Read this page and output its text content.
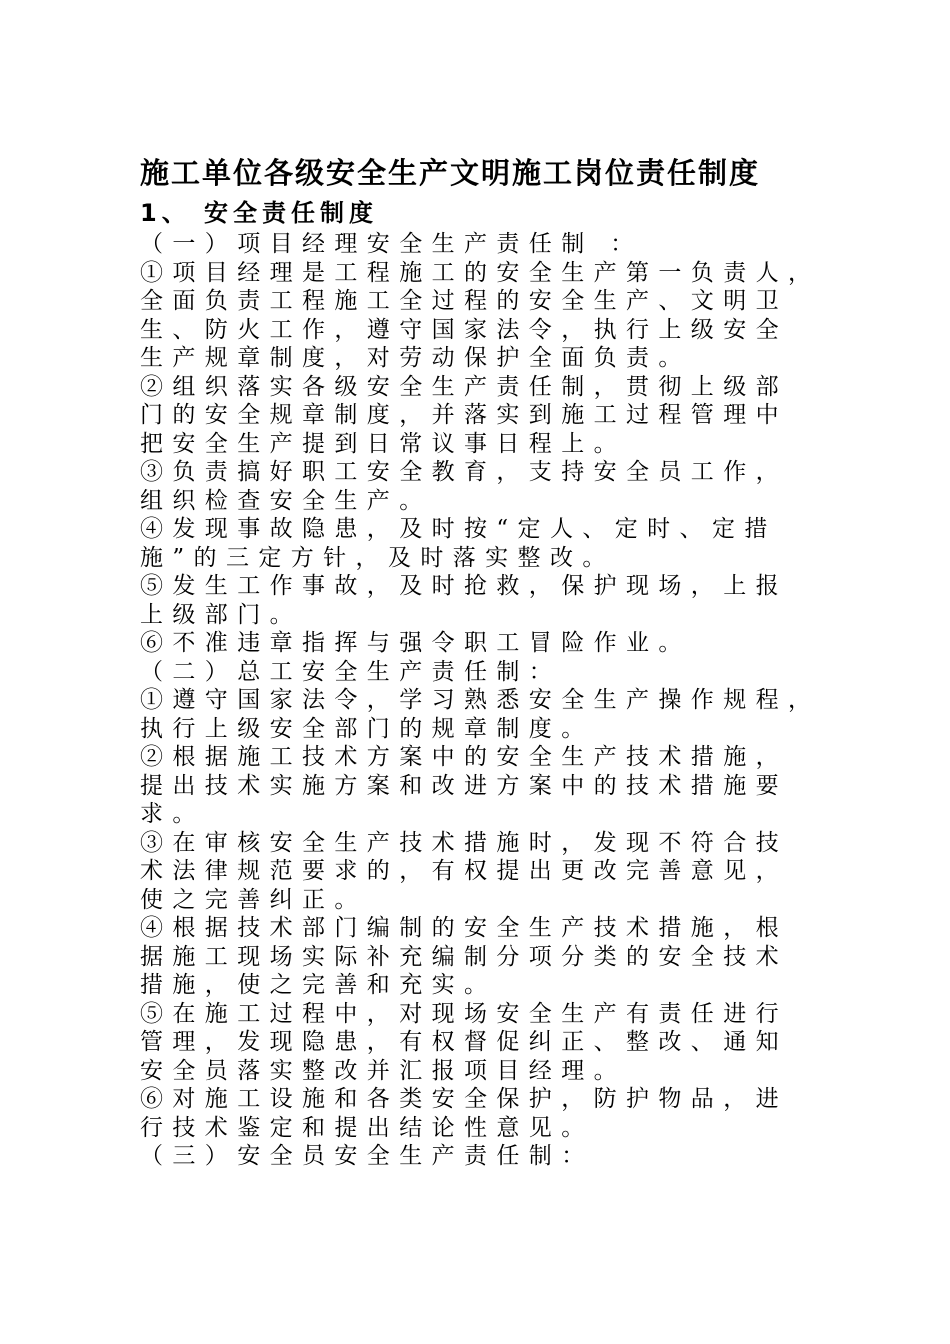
施工单位各级安全生产文明施工岗位责任制度
1、 安全责任制度

（一）项目经理安全生产责任制 ：

①项目经理是工程施工的安全生产第一负责人，

全面负责工程施工全过程的安全生产、文明卫

生、防火工作，遵守国家法令，执行上级安全

生产规章制度，对劳动保护全面负责。

②组织落实各级安全生产责任制，贯彻上级部

门的安全规章制度，并落实到施工过程管理中

把安全生产提到日常议事日程上。

③负责搞好职工安全教育，支持安全员工作，

组织检查安全生产。

④发现事故隐患，及时按“定人、定时、定措

施”的三定方针，及时落实整改。

⑤发生工作事故，及时抢救，保护现场，上报

上级部门。

⑥不准违章指挥与强令职工冒险作业。

（二）总工安全生产责任制：

①遵守国家法令，学习熟悉安全生产操作规程，

执行上级安全部门的规章制度。

②根据施工技术方案中的安全生产技术措施，

提出技术实施方案和改进方案中的技术措施要

求。

③在审核安全生产技术措施时，发现不符合技

术法律规范要求的，有权提出更改完善意见，

使之完善纠正。

④根据技术部门编制的安全生产技术措施，根

据施工现场实际补充编制分项分类的安全技术

措施，使之完善和充实。

⑤在施工过程中，对现场安全生产有责任进行

管理，发现隐患，有权督促纠正、整改、通知

安全员落实整改并汇报项目经理。

⑥对施工设施和各类安全保护，防护物品，进

行技术鉴定和提出结论性意见。

（三）安全员安全生产责任制：
